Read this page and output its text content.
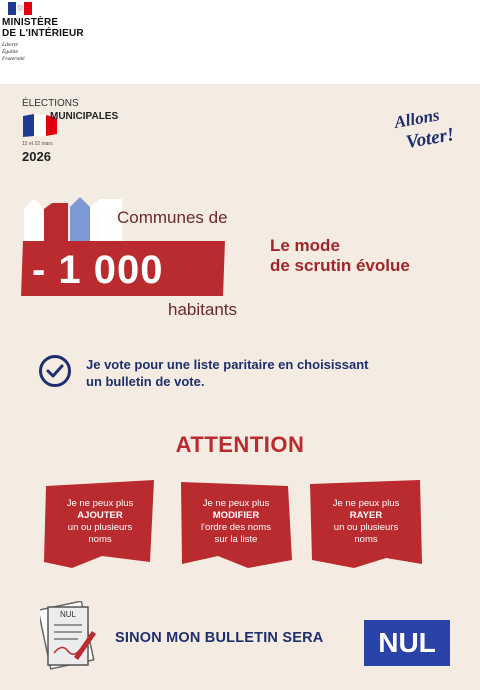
MINISTÈRE
DE L'INTÉRIEUR
Liberté
Égalité
Fraternité
ÉLECTIONS
MUNICIPALES
15 et 22 mars
2026
Allons
Voter!
Communes de
- 1 000
habitants
Le mode
de scrutin évolue
Je vote pour une liste paritaire en choisissant
un bulletin de vote.
ATTENTION
Je ne peux plus
AJOUTER
un ou plusieurs
noms
Je ne peux plus
MODIFIER
l'ordre des noms
sur la liste
Je ne peux plus
RAYER
un ou plusieurs
noms
NUL
SINON MON BULLETIN SERA	NUL
